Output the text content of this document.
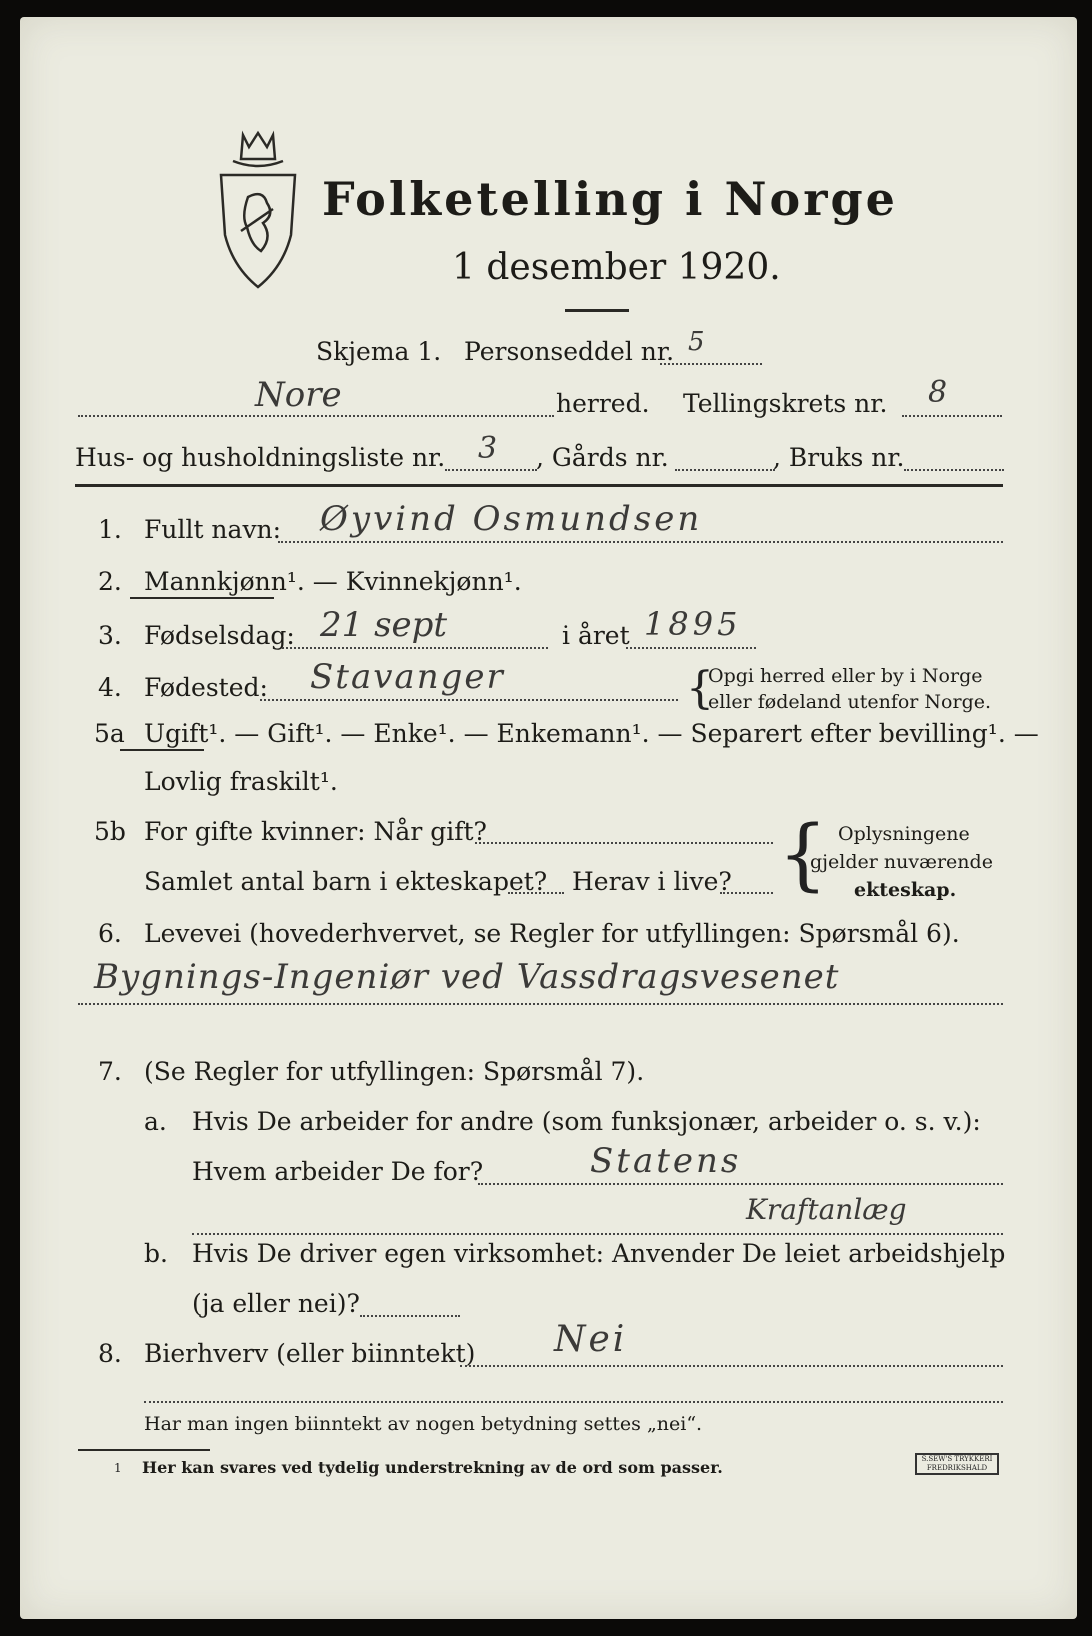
Folketelling i Norge
1 desember 1920.
Skjema 1. Personseddel nr. 5
Nore	herred. Tellingskrets nr. 8
Hus- og husholdningsliste nr. 3 , Gårds nr.	, Bruks nr.
1. Fullt navn: Øyvind Osmundsen
2. Mannkjønn¹. — Kvinnekjønn¹.
3. Fødselsdag: 21 sept	i året 1895
4. Fødested: Stavanger	{
Opgi herred eller by i Norge
eller fødeland utenfor Norge.
5a Ugift¹. — Gift¹. — Enke¹. — Enkemann¹. — Separert efter bevilling¹. —
Lovlig fraskilt¹.
5b For gifte kvinner: Når gift?
Samlet antal barn i ekteskapet? Herav i live? { Oplysningene
gjelder nuværende
ekteskap.
6. Levevei (hovederhvervet, se Regler for utfyllingen: Spørsmål 6).
Bygnings-Ingeniør ved Vassdragsvesenet
7. (Se Regler for utfyllingen: Spørsmål 7).
a. Hvis De arbeider for andre (som funksjonær, arbeider o. s. v.):
Hvem arbeider De for?	Statens
Kraftanlæg
b. Hvis De driver egen virksomhet: Anvender De leiet arbeidshjelp
(ja eller nei)?
8. Bierhverv (eller biinntekt) Nei
Har man ingen biinntekt av nogen betydning settes „nei“.
1 Her kan svares ved tydelig understrekning av de ord som passer.	S.SEW'S TRYKKERI FREDRIKSHALD
